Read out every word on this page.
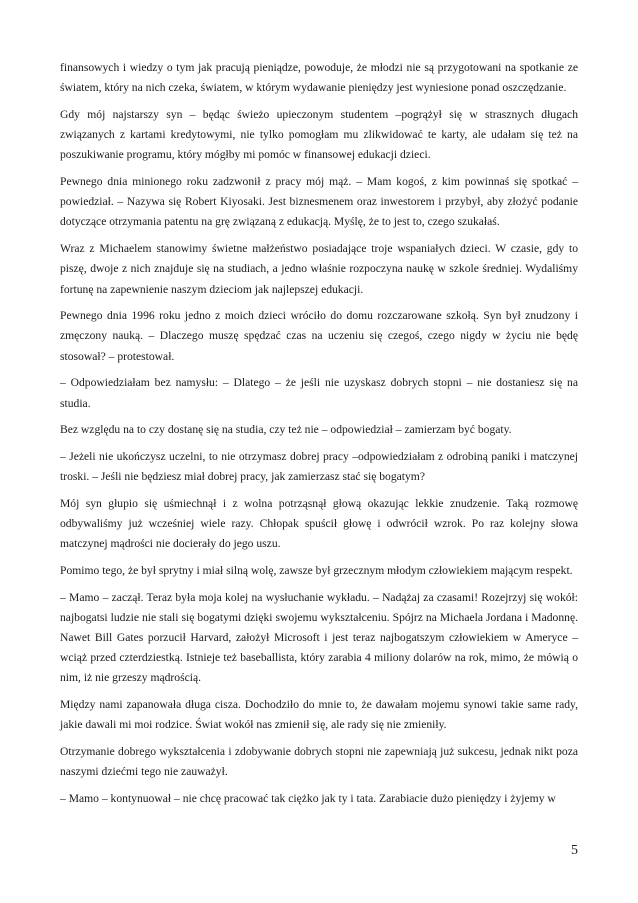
finansowych i wiedzy o tym jak pracują pieniądze, powoduje, że młodzi nie są przygotowani na spotkanie ze światem, który na nich czeka, światem, w którym wydawanie pieniędzy jest wyniesione ponad oszczędzanie.

Gdy mój najstarszy syn – będąc świeżo upieczonym studentem –pogrążył się w strasznych długach związanych z kartami kredytowymi, nie tylko pomogłam mu zlikwidować te karty, ale udałam się też na poszukiwanie programu, który mógłby mi pomóc w finansowej edukacji dzieci.

Pewnego dnia minionego roku zadzwonił z pracy mój mąż. – Mam kogoś, z kim powinnaś się spotkać – powiedział. – Nazywa się Robert Kiyosaki. Jest biznesmenem oraz inwestorem i przybył, aby złożyć podanie dotyczące otrzymania patentu na grę związaną z edukacją. Myślę, że to jest to, czego szukałaś.

Wraz z Michaelem stanowimy świetne małżeństwo posiadające troje wspaniałych dzieci. W czasie, gdy to piszę, dwoje z nich znajduje się na studiach, a jedno właśnie rozpoczyna naukę w szkole średniej. Wydaliśmy fortunę na zapewnienie naszym dzieciom jak najlepszej edukacji.

Pewnego dnia 1996 roku jedno z moich dzieci wróciło do domu rozczarowane szkołą. Syn był znudzony i zmęczony nauką. – Dlaczego muszę spędzać czas na uczeniu się czegoś, czego nigdy w życiu nie będę stosował? – protestował.

– Odpowiedziałam bez namysłu: – Dlatego – że jeśli nie uzyskasz dobrych stopni – nie dostaniesz się na studia.

Bez względu na to czy dostanę się na studia, czy też nie – odpowiedział – zamierzam być bogaty.

– Jeżeli nie ukończysz uczelni, to nie otrzymasz dobrej pracy –odpowiedziałam z odrobiną paniki i matczynej troski. – Jeśli nie będziesz miał dobrej pracy, jak zamierzasz stać się bogatym?

Mój syn głupio się uśmiechnął i z wolna potrząsnął głową okazując lekkie znudzenie. Taką rozmowę odbywaliśmy już wcześniej wiele razy. Chłopak spuścił głowę i odwrócił wzrok. Po raz kolejny słowa matczynej mądrości nie docierały do jego uszu.

Pomimo tego, że był sprytny i miał silną wolę, zawsze był grzecznym młodym człowiekiem mającym respekt.

– Mamo – zaczął. Teraz była moja kolej na wysłuchanie wykładu. – Nadążaj za czasami! Rozejrzyj się wokół: najbogatsi ludzie nie stali się bogatymi dzięki swojemu wykształceniu. Spójrz na Michaela Jordana i Madonnę. Nawet Bill Gates porzucił Harvard, założył Microsoft i jest teraz najbogatszym człowiekiem w Ameryce – wciąż przed czterdziestką. Istnieje też baseballista, który zarabia 4 miliony dolarów na rok, mimo, że mówią o nim, iż nie grzeszy mądrością.

Między nami zapanowała długa cisza. Dochodziło do mnie to, że dawałam mojemu synowi takie same rady, jakie dawali mi moi rodzice. Świat wokół nas zmienił się, ale rady się nie zmieniły.

Otrzymanie dobrego wykształcenia i zdobywanie dobrych stopni nie zapewniają już sukcesu, jednak nikt poza naszymi dziećmi tego nie zauważył.

– Mamo – kontynuował – nie chcę pracować tak ciężko jak ty i tata. Zarabiacie dużo pieniędzy i żyjemy w

5
